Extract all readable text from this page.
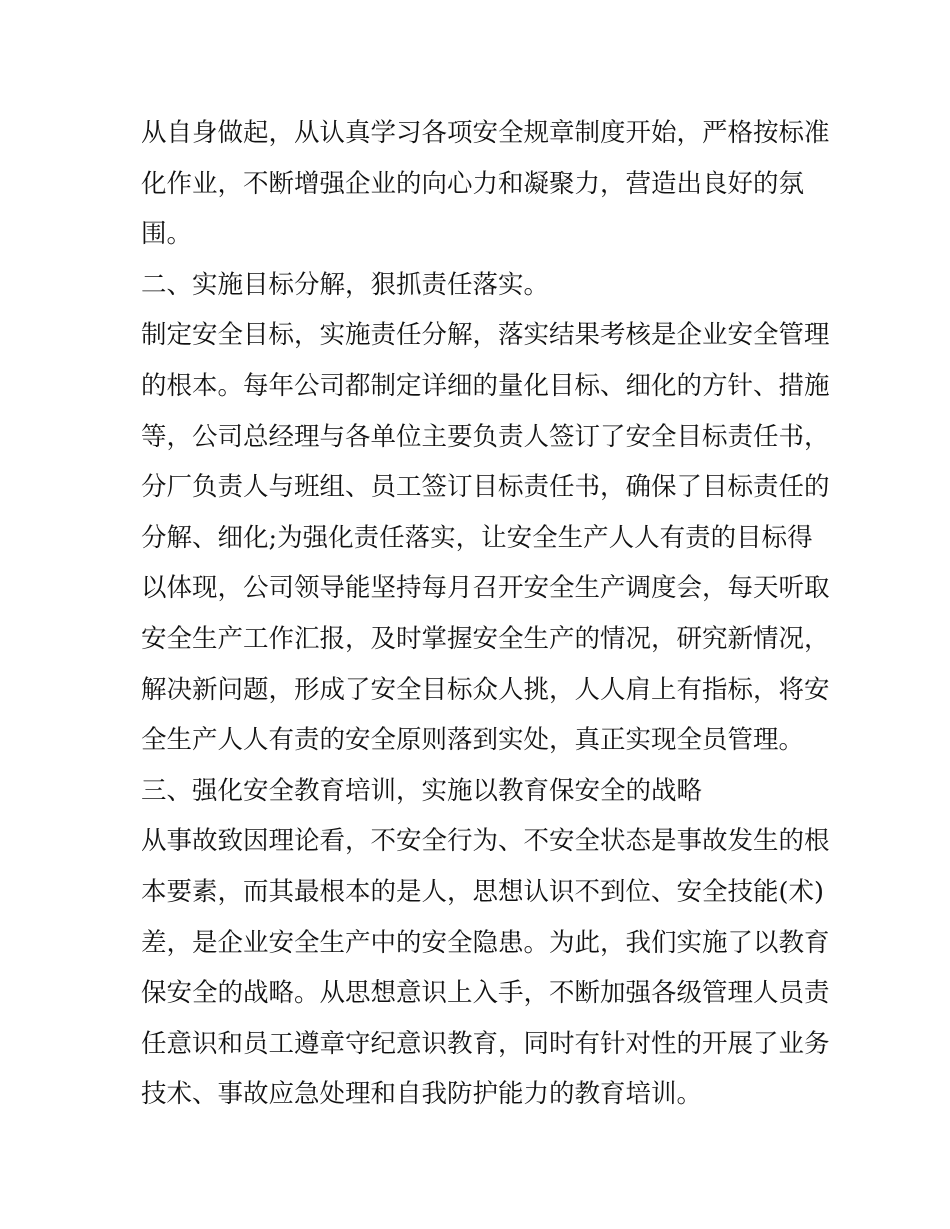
从自身做起，从认真学习各项安全规章制度开始，严格按标准
化作业，不断增强企业的向心力和凝聚力，营造出良好的氛
围。
二、实施目标分解，狠抓责任落实。
制定安全目标，实施责任分解，落实结果考核是企业安全管理
的根本。每年公司都制定详细的量化目标、细化的方针、措施
等，公司总经理与各单位主要负责人签订了安全目标责任书，
分厂负责人与班组、员工签订目标责任书，确保了目标责任的
分解、细化;为强化责任落实，让安全生产人人有责的目标得
以体现，公司领导能坚持每月召开安全生产调度会，每天听取
安全生产工作汇报，及时掌握安全生产的情况，研究新情况，
解决新问题，形成了安全目标众人挑，人人肩上有指标，将安
全生产人人有责的安全原则落到实处，真正实现全员管理。
三、强化安全教育培训，实施以教育保安全的战略
从事故致因理论看，不安全行为、不安全状态是事故发生的根
本要素，而其最根本的是人，思想认识不到位、安全技能(术)
差，是企业安全生产中的安全隐患。为此，我们实施了以教育
保安全的战略。从思想意识上入手，不断加强各级管理人员责
任意识和员工遵章守纪意识教育，同时有针对性的开展了业务
技术、事故应急处理和自我防护能力的教育培训。
